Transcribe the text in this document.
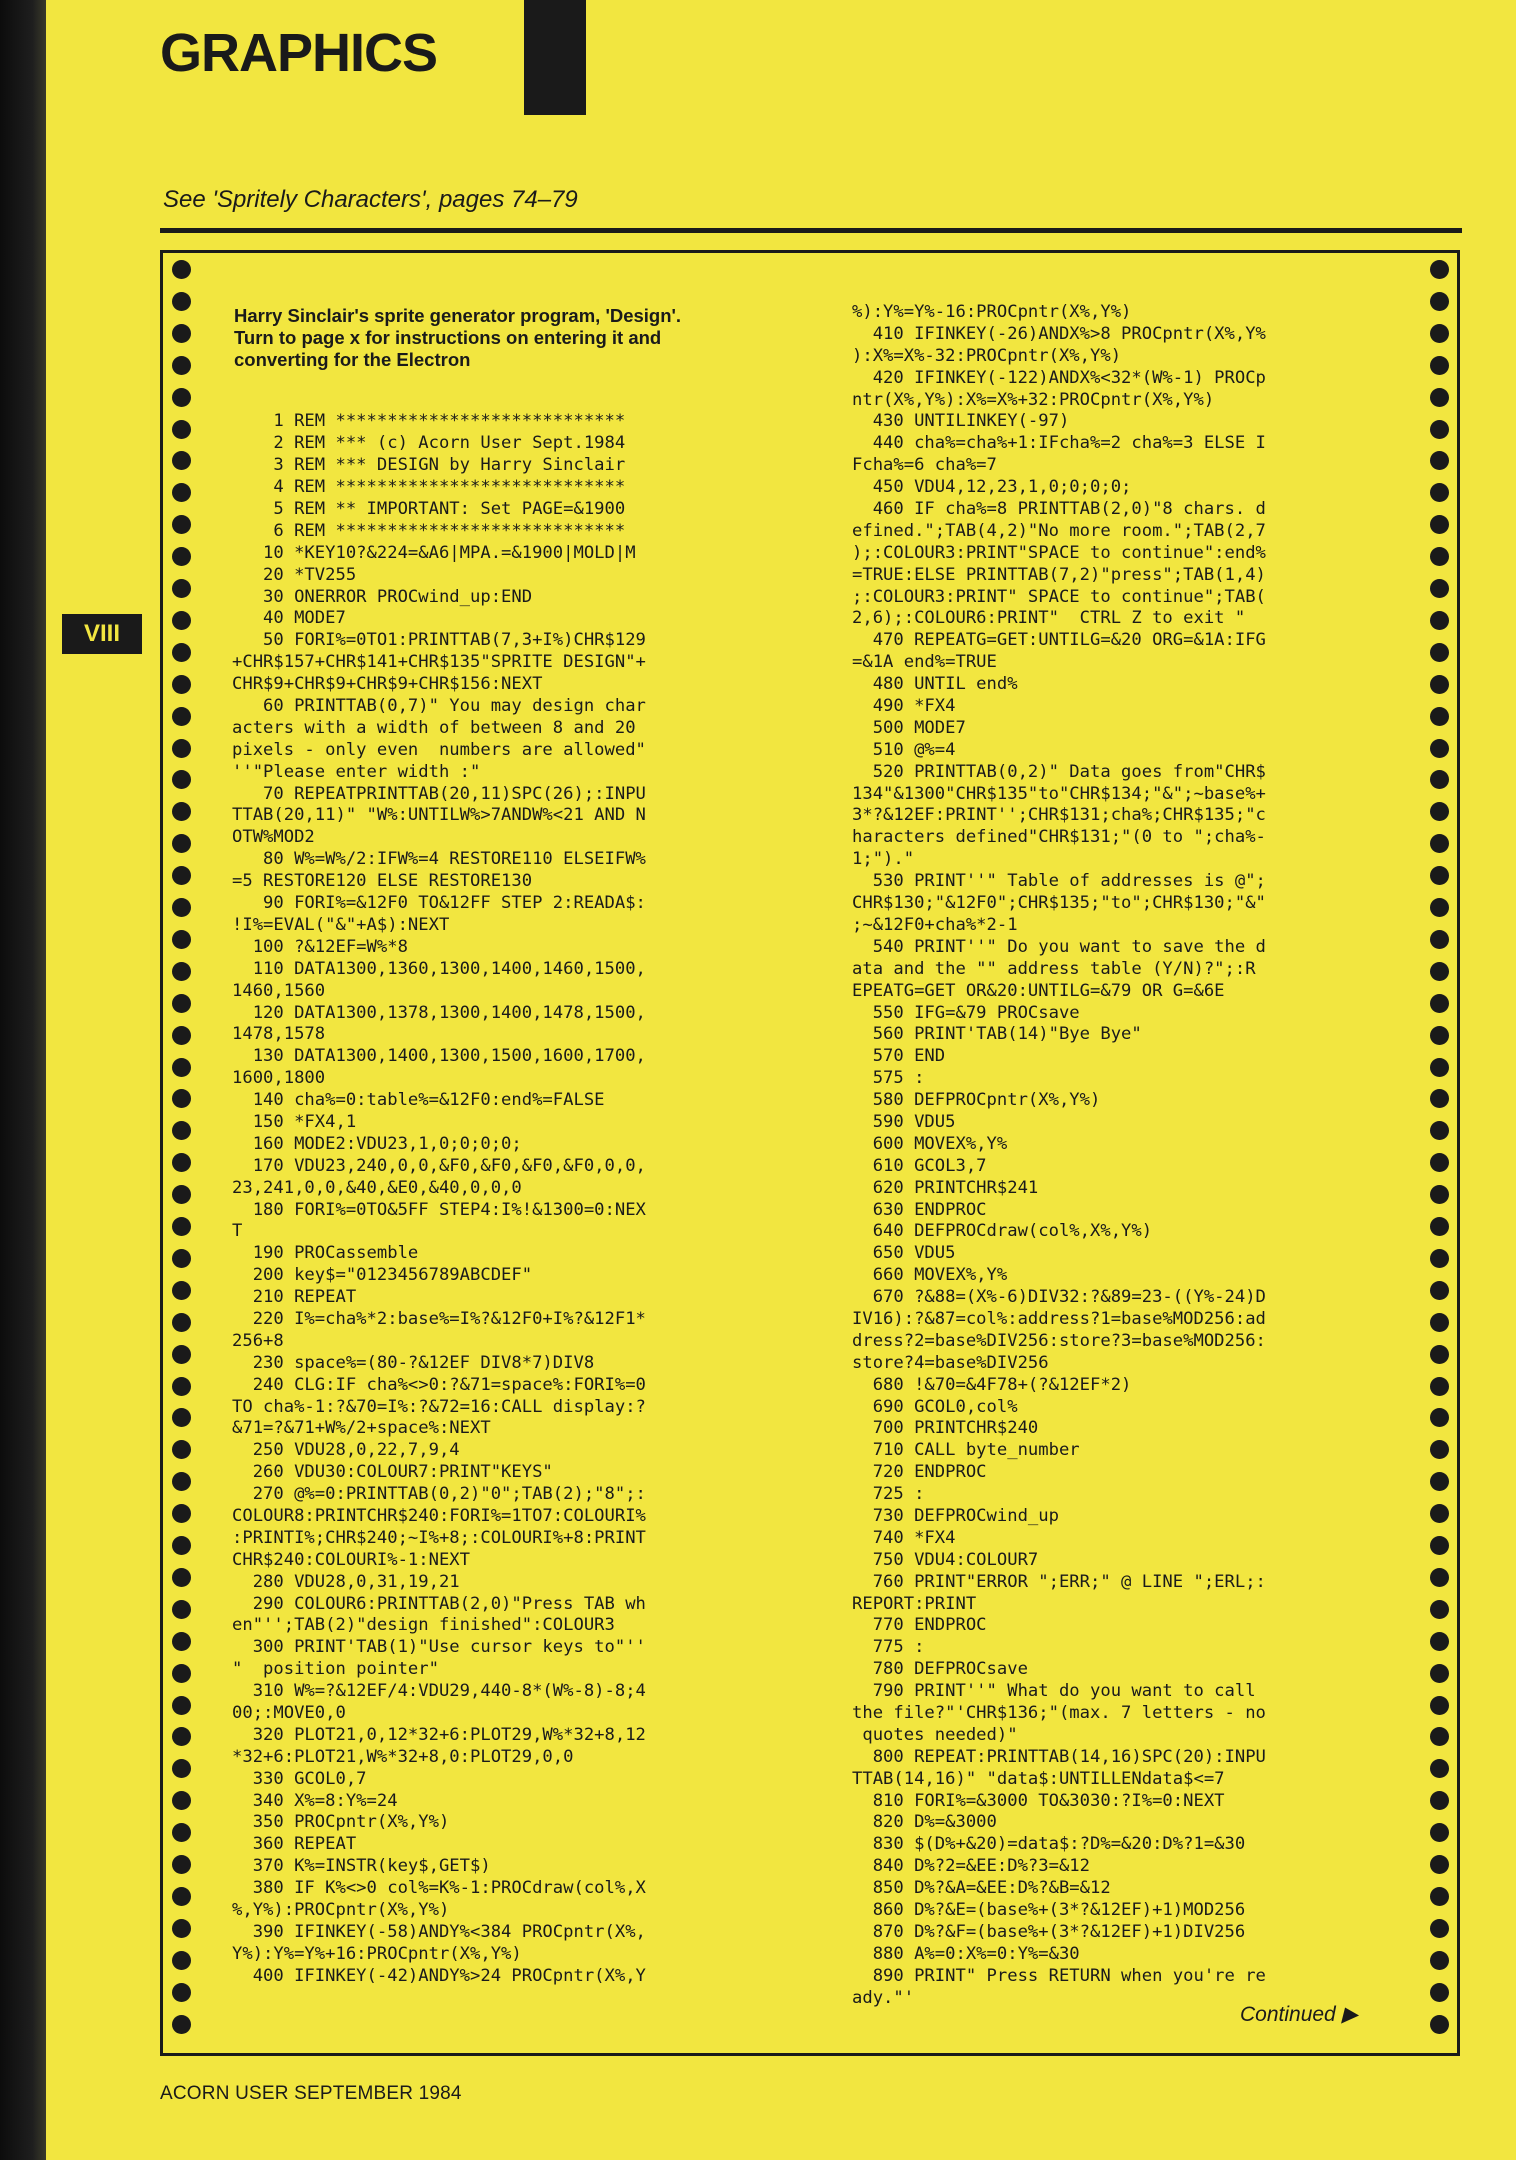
GRAPHICS
See 'Spritely Characters', pages 74–79
VIII
Harry Sinclair's sprite generator program, 'Design'. Turn to page x for instructions on entering it and converting for the Electron
1 REM ****************************
2 REM *** (c) Acorn User Sept.1984
3 REM *** DESIGN by Harry Sinclair
4 REM ****************************
5 REM ** IMPORTANT: Set PAGE=&1900
6 REM ****************************
10 *KEY10?&224=&A6|MPA.=&1900|MOLD|M
20 *TV255
30 ONERROR PROCwind_up:END
40 MODE7
50 FORI%=0TO1:PRINTTAB(7,3+I%)CHR$129
+CHR$157+CHR$141+CHR$135"SPRITE DESIGN"+
CHR$9+CHR$9+CHR$9+CHR$156:NEXT
60 PRINTTAB(0,7)" You may design char
acters with a width of between 8 and 20
pixels - only even  numbers are allowed"
''"Please enter width :"
70 REPEATPRINTTAB(20,11)SPC(26);:INPU
TTAB(20,11)" "W%:UNTILW%>7ANDW%<21 AND N
OTW%MOD2
80 W%=W%/2:IFW%=4 RESTORE110 ELSEIFW%
=5 RESTORE120 ELSE RESTORE130
90 FORI%=&12F0 TO&12FF STEP 2:READA$:
!I%=EVAL("&"+A$):NEXT
100 ?&12EF=W%*8
110 DATA1300,1360,1300,1400,1460,1500,
1460,1560
120 DATA1300,1378,1300,1400,1478,1500,
1478,1578
130 DATA1300,1400,1300,1500,1600,1700,
1600,1800
140 cha%=0:table%=&12F0:end%=FALSE
150 *FX4,1
160 MODE2:VDU23,1,0;0;0;0;
170 VDU23,240,0,0,&F0,&F0,&F0,&F0,0,0,
23,241,0,0,&40,&E0,&40,0,0,0
180 FORI%=0TO&5FF STEP4:I%!&1300=0:NEX
T
190 PROCassemble
200 key$="0123456789ABCDEF"
210 REPEAT
220 I%=cha%*2:base%=I%?&12F0+I%?&12F1*
256+8
230 space%=(80-?&12EF DIV8*7)DIV8
240 CLG:IF cha%<>0:?&71=space%:FORI%=0
TO cha%-1:?&70=I%:?&72=16:CALL display:?
&71=?&71+W%/2+space%:NEXT
250 VDU28,0,22,7,9,4
260 VDU30:COLOUR7:PRINT"KEYS"
270 @%=0:PRINTTAB(0,2)"0";TAB(2);"8";:
COLOUR8:PRINTCHR$240:FORI%=1TO7:COLOURI%
:PRINTI%;CHR$240;~I%+8;:COLOURI%+8:PRINT
CHR$240:COLOURI%-1:NEXT
280 VDU28,0,31,19,21
290 COLOUR6:PRINTTAB(2,0)"Press TAB wh
en"'';TAB(2)"design finished":COLOUR3
300 PRINT'TAB(1)"Use cursor keys to"''
"  position pointer"
310 W%=?&12EF/4:VDU29,440-8*(W%-8)-8;4
00;:MOVE0,0
320 PLOT21,0,12*32+6:PLOT29,W%*32+8,12
*32+6:PLOT21,W%*32+8,0:PLOT29,0,0
330 GCOL0,7
340 X%=8:Y%=24
350 PROCpntr(X%,Y%)
360 REPEAT
370 K%=INSTR(key$,GET$)
380 IF K%<>0 col%=K%-1:PROCdraw(col%,X
%,Y%):PROCpntr(X%,Y%)
390 IFINKEY(-58)ANDY%<384 PROCpntr(X%,
Y%):Y%=Y%+16:PROCpntr(X%,Y%)
400 IFINKEY(-42)ANDY%>24 PROCpntr(X%,Y
%):Y%=Y%-16:PROCpntr(X%,Y%)
410 IFINKEY(-26)ANDX%>8 PROCpntr(X%,Y%
):X%=X%-32:PROCpntr(X%,Y%)
420 IFINKEY(-122)ANDX%<32*(W%-1) PROCp
ntr(X%,Y%):X%=X%+32:PROCpntr(X%,Y%)
430 UNTILINKEY(-97)
440 cha%=cha%+1:IFcha%=2 cha%=3 ELSE I
Fcha%=6 cha%=7
450 VDU4,12,23,1,0;0;0;0;
460 IF cha%=8 PRINTTAB(2,0)"8 chars. d
efined.";TAB(4,2)"No more room.";TAB(2,7
);:COLOUR3:PRINT"SPACE to continue":end%
=TRUE:ELSE PRINTTAB(7,2)"press";TAB(1,4)
;:COLOUR3:PRINT" SPACE to continue";TAB(
2,6);:COLOUR6:PRINT"  CTRL Z to exit "
470 REPEATG=GET:UNTILG=&20 ORG=&1A:IFG
=&1A end%=TRUE
480 UNTIL end%
490 *FX4
500 MODE7
510 @%=4
520 PRINTTAB(0,2)" Data goes from"CHR$
134"&1300"CHR$135"to"CHR$134;"&";~base%+
3*?&12EF:PRINT'';CHR$131;cha%;CHR$135;"c
haracters defined"CHR$131;"(0 to ";cha%-
1;")."
530 PRINT''" Table of addresses is @";
CHR$130;"&12F0";CHR$135;"to";CHR$130;"&"
;~&12F0+cha%*2-1
540 PRINT''" Do you want to save the d
ata and the "" address table (Y/N)?";:R
EPEATG=GET OR&20:UNTILG=&79 OR G=&6E
550 IFG=&79 PROCsave
560 PRINT'TAB(14)"Bye Bye"
570 END
575 :
580 DEFPROCpntr(X%,Y%)
590 VDU5
600 MOVEX%,Y%
610 GCOL3,7
620 PRINTCHR$241
630 ENDPROC
640 DEFPROCdraw(col%,X%,Y%)
650 VDU5
660 MOVEX%,Y%
670 ?&88=(X%-6)DIV32:?&89=23-((Y%-24)D
IV16):?&87=col%:address?1=base%MOD256:ad
dress?2=base%DIV256:store?3=base%MOD256:
store?4=base%DIV256
680 !&70=&4F78+(?&12EF*2)
690 GCOL0,col%
700 PRINTCHR$240
710 CALL byte_number
720 ENDPROC
725 :
730 DEFPROCwind_up
740 *FX4
750 VDU4:COLOUR7
760 PRINT"ERROR ";ERR;" @ LINE ";ERL;:
REPORT:PRINT
770 ENDPROC
775 :
780 DEFPROCsave
790 PRINT''" What do you want to call
the file?"'CHR$136;"(max. 7 letters - no
quotes needed)"
800 REPEAT:PRINTTAB(14,16)SPC(20):INPU
TTAB(14,16)" "data$:UNTILLENdata$<=7
810 FORI%=&3000 TO&3030:?I%=0:NEXT
820 D%=&3000
830 $(D%+&20)=data$:?D%=&20:D%?1=&30
840 D%?2=&EE:D%?3=&12
850 D%?&A=&EE:D%?&B=&12
860 D%?&E=(base%+(3*?&12EF)+1)MOD256
870 D%?&F=(base%+(3*?&12EF)+1)DIV256
880 A%=0:X%=0:Y%=&30
890 PRINT" Press RETURN when you're re
ady."'
Continued ▶
ACORN USER SEPTEMBER 1984
